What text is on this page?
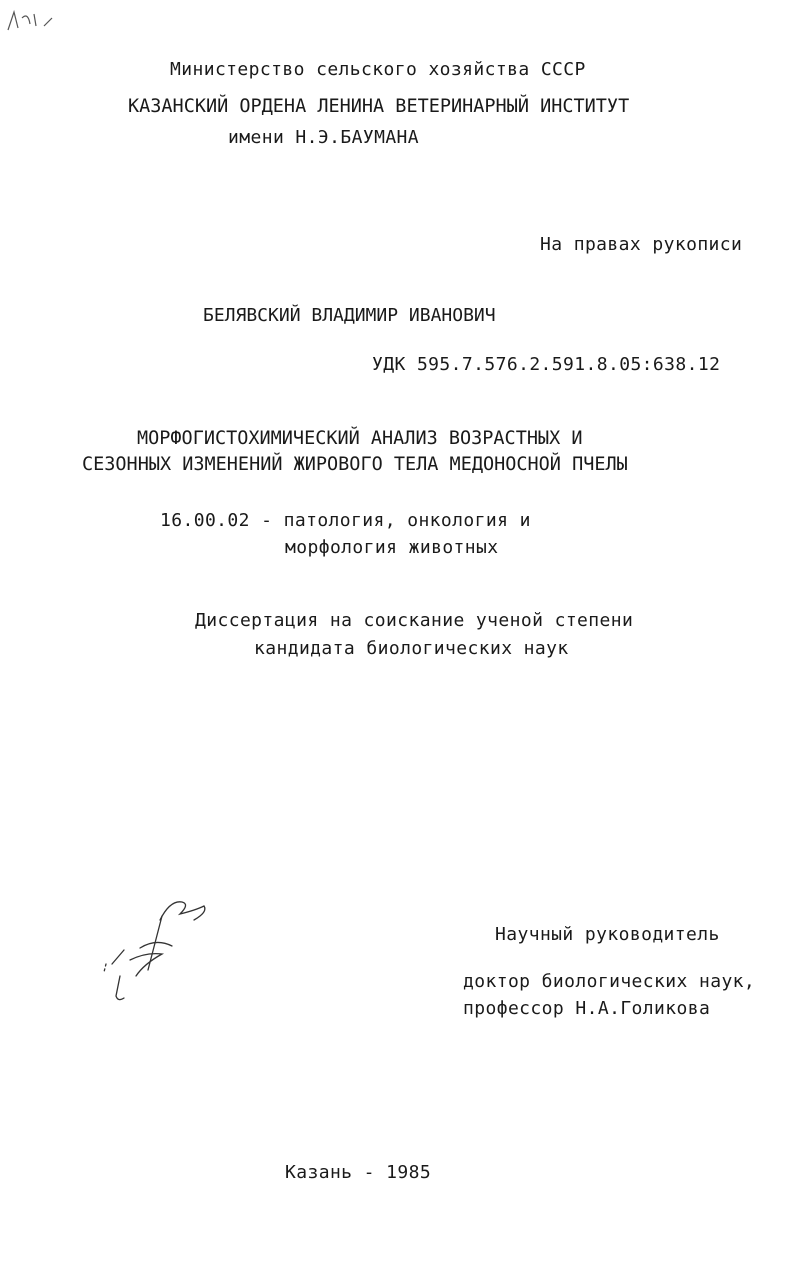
Министерство сельского хозяйства СССР
КАЗАНСКИЙ ОРДЕНА ЛЕНИНА ВЕТЕРИНАРНЫЙ ИНСТИТУТ
имени Н.Э.БАУМАНА
На правах рукописи
БЕЛЯВСКИЙ ВЛАДИМИР ИВАНОВИЧ
УДК 595.7.576.2.591.8.05:638.12
МОРФОГИСТОХИМИЧЕСКИЙ АНАЛИЗ ВОЗРАСТНЫХ И
СЕЗОННЫХ ИЗМЕНЕНИЙ ЖИРОВОГО ТЕЛА МЕДОНОСНОЙ ПЧЕЛЫ
16.00.02 - патология, онкология и
морфология животных
Диссертация на соискание ученой степени
кандидата биологических наук
Научный руководитель
доктор биологических наук,
профессор Н.А.Голикова
Казань - 1985
